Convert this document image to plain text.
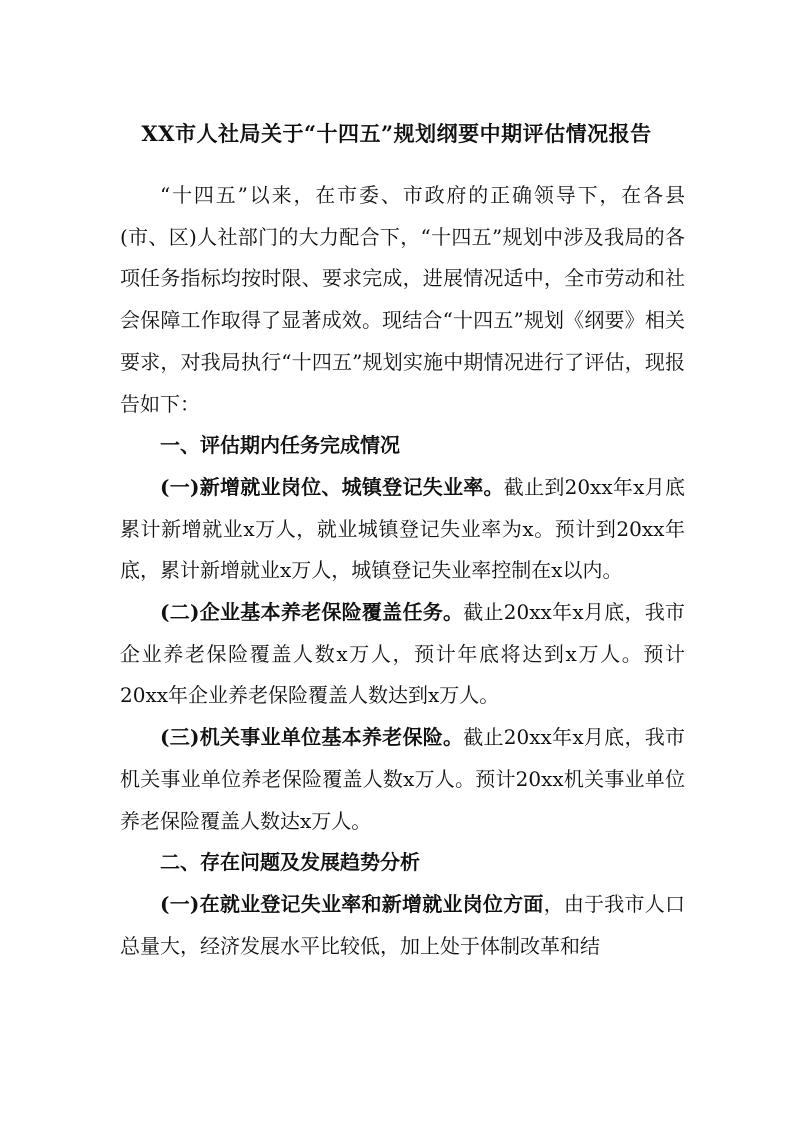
XX市人社局关于“十四五”规划纲要中期评估情况报告

“十四五”以来，在市委、市政府的正确领导下，在各县(市、区)人社部门的大力配合下，“十四五”规划中涉及我局的各项任务指标均按时限、要求完成，进展情况适中，全市劳动和社会保障工作取得了显著成效。现结合“十四五”规划《纲要》相关要求，对我局执行“十四五”规划实施中期情况进行了评估，现报告如下：

一、评估期内任务完成情况

(一)新增就业岗位、城镇登记失业率。截止到20xx年x月底累计新增就业x万人，就业城镇登记失业率为x。预计到20xx年底，累计新增就业x万人，城镇登记失业率控制在x以内。

(二)企业基本养老保险覆盖任务。截止20xx年x月底，我市企业养老保险覆盖人数x万人，预计年底将达到x万人。预计20xx年企业养老保险覆盖人数达到x万人。

(三)机关事业单位基本养老保险。截止20xx年x月底，我市机关事业单位养老保险覆盖人数x万人。预计20xx机关事业单位养老保险覆盖人数达x万人。

二、存在问题及发展趋势分析

(一)在就业登记失业率和新增就业岗位方面，由于我市人口总量大，经济发展水平比较低，加上处于体制改革和结
